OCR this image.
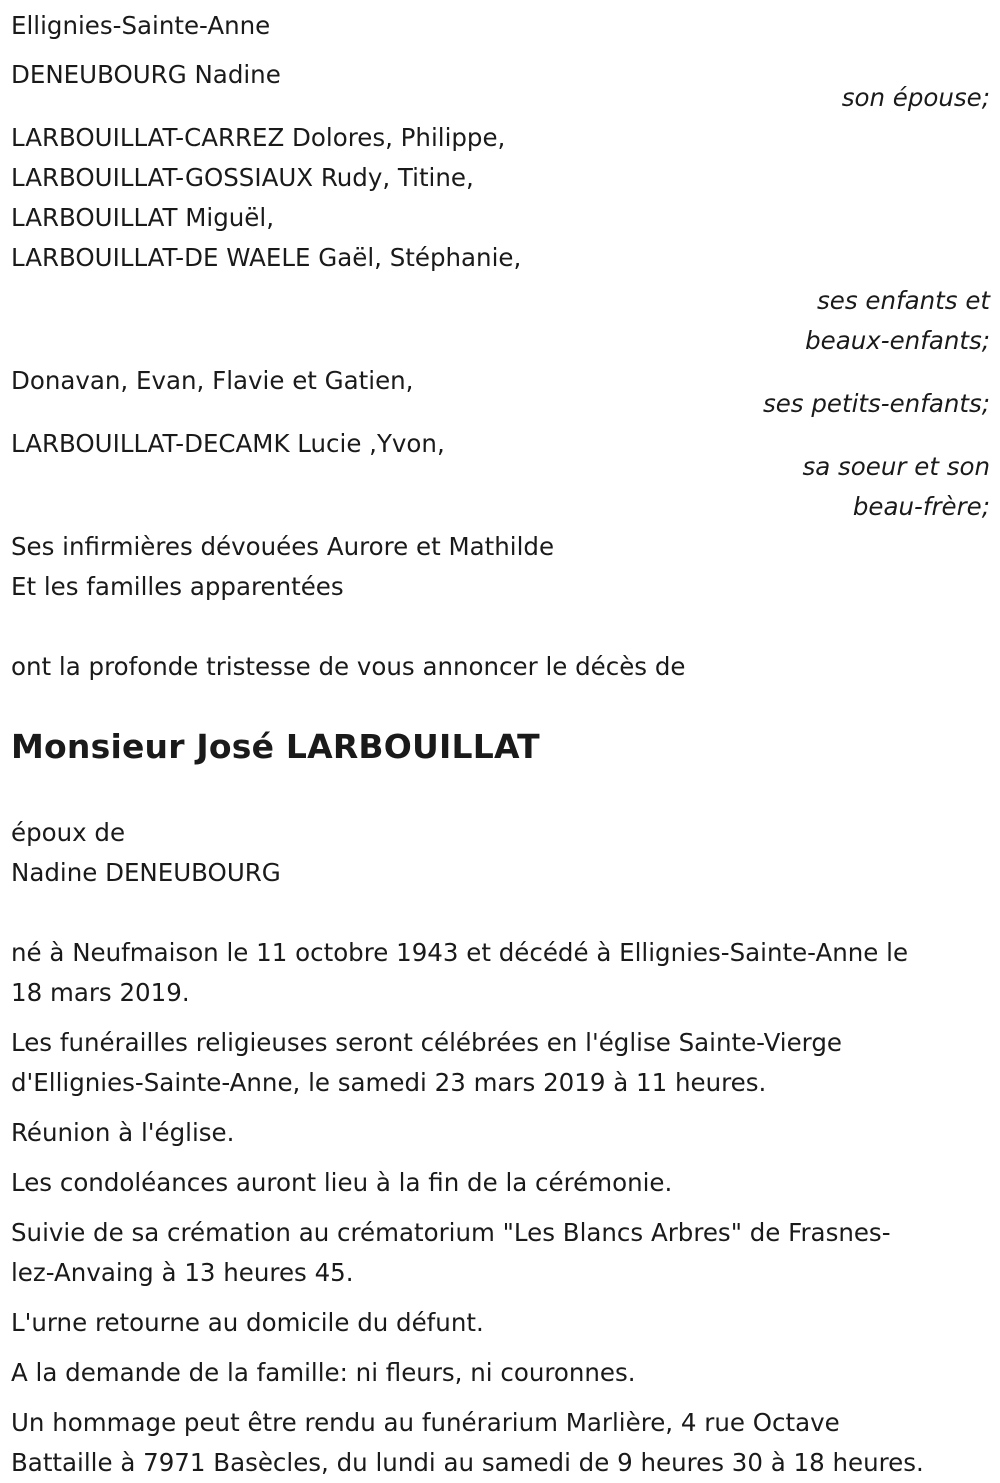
Ellignies-Sainte-Anne
DENEUBOURG Nadine
son épouse;
LARBOUILLAT-CARREZ Dolores, Philippe,
LARBOUILLAT-GOSSIAUX Rudy, Titine,
LARBOUILLAT Miguël,
LARBOUILLAT-DE WAELE Gaël, Stéphanie,
ses enfants et
beaux-enfants;
Donavan, Evan, Flavie et Gatien,
ses petits-enfants;
LARBOUILLAT-DECAMK Lucie ,Yvon,
sa soeur et son
beau-frère;
Ses infirmières dévouées Aurore et Mathilde
Et les familles apparentées
ont la profonde tristesse de vous annoncer le décès de
Monsieur José LARBOUILLAT
époux de
Nadine DENEUBOURG
né à Neufmaison le 11 octobre 1943 et décédé à Ellignies-Sainte-Anne le
18 mars 2019.
Les funérailles religieuses seront célébrées en l'église Sainte-Vierge
d'Ellignies-Sainte-Anne, le samedi 23 mars 2019 à 11 heures.
Réunion à l'église.
Les condoléances auront lieu à la fin de la cérémonie.
Suivie de sa crémation au crématorium "Les Blancs Arbres" de Frasnes-
lez-Anvaing à 13 heures 45.
L'urne retourne au domicile du défunt.
A la demande de la famille: ni fleurs, ni couronnes.
Un hommage peut être rendu au funérarium Marlière, 4 rue Octave
Battaille à 7971 Basècles, du lundi au samedi de 9 heures 30 à 18 heures.
